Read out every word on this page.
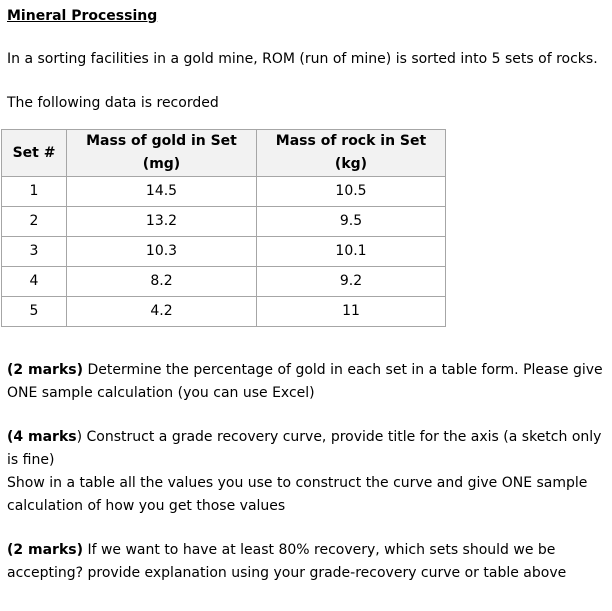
Mineral Processing

In a sorting facilities in a gold mine, ROM (run of mine) is sorted into 5 sets of rocks.

The following data is recorded

Set #	Mass of gold in Set (mg)	Mass of rock in Set (kg)
1	14.5	10.5
2	13.2	9.5
3	10.3	10.1
4	8.2	9.2
5	4.2	11

(2 marks) Determine the percentage of gold in each set in a table form. Please give ONE sample calculation (you can use Excel)

(4 marks) Construct a grade recovery curve, provide title for the axis (a sketch only is fine)

Show in a table all the values you use to construct the curve and give ONE sample calculation of how you get those values

(2 marks) If we want to have at least 80% recovery, which sets should we be accepting? provide explanation using your grade-recovery curve or table above
